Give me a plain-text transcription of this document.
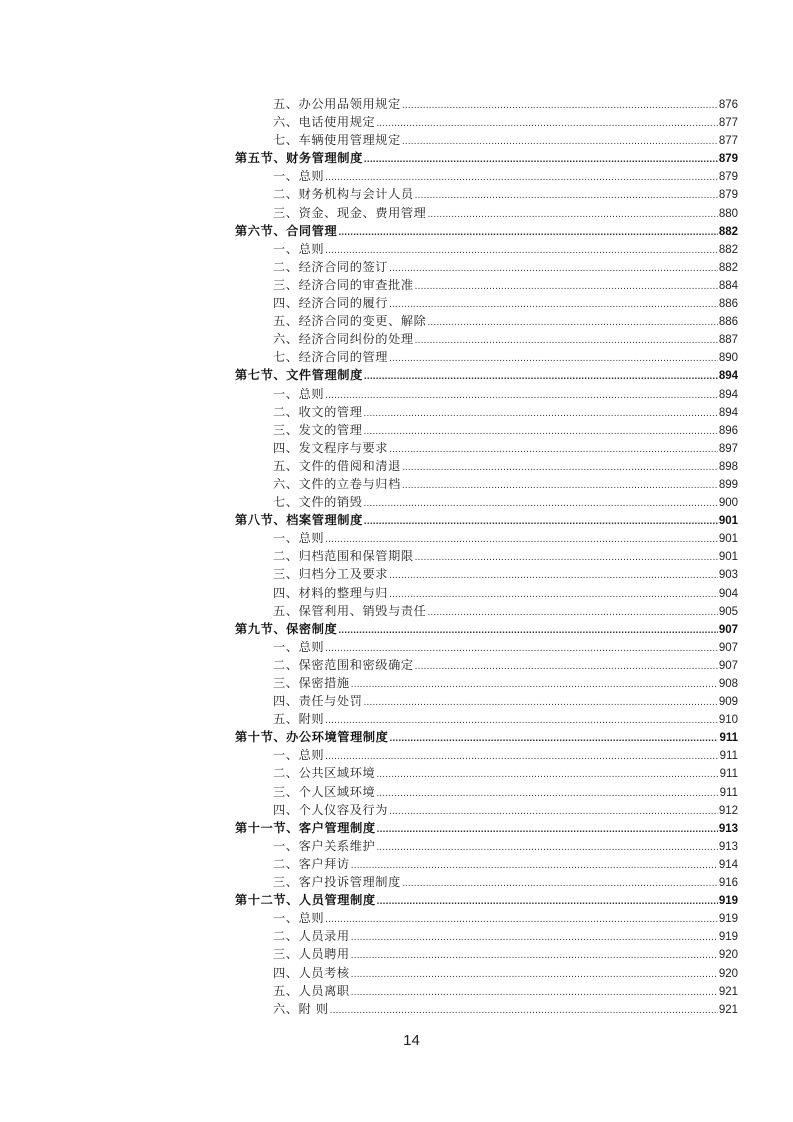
五、办公用品领用规定 .....	876
六、电话使用规定 .....	877
七、车辆使用管理规定 .....	877
第五节、财务管理制度 .....	879
一、总则 .....	879
二、财务机构与会计人员 .....	879
三、资金、现金、费用管理 .....	880
第六节、合同管理 .....	882
一、总则 .....	882
二、经济合同的签订 .....	882
三、经济合同的审查批准 .....	884
四、经济合同的履行 .....	886
五、经济合同的变更、解除 .....	886
六、经济合同纠份的处理 .....	887
七、经济合同的管理 .....	890
第七节、文件管理制度 .....	894
一、总则 .....	894
二、收文的管理 .....	894
三、发文的管理 .....	896
四、发文程序与要求 .....	897
五、文件的借阅和清退 .....	898
六、文件的立卷与归档 .....	899
七、文件的销毁 .....	900
第八节、档案管理制度 .....	901
一、总则 .....	901
二、归档范围和保管期限 .....	901
三、归档分工及要求 .....	903
四、材料的整理与归 .....	904
五、保管利用、销毁与责任 .....	905
第九节、保密制度 .....	907
一、总则 .....	907
二、保密范围和密级确定 .....	907
三、保密措施 .....	908
四、责任与处罚 .....	909
五、附则 .....	910
第十节、办公环境管理制度 .....	911
一、总则 .....	911
二、公共区域环境 .....	911
三、个人区域环境 .....	911
四、个人仪容及行为 .....	912
第十一节、客户管理制度 .....	913
一、客户关系维护 .....	913
二、客户拜访 .....	914
三、客户投诉管理制度 .....	916
第十二节、人员管理制度 .....	919
一、总则 .....	919
二、人员录用 .....	919
三、人员聘用 .....	920
四、人员考核 .....	920
五、人员离职 .....	921
六、附 则 .....	921
14
